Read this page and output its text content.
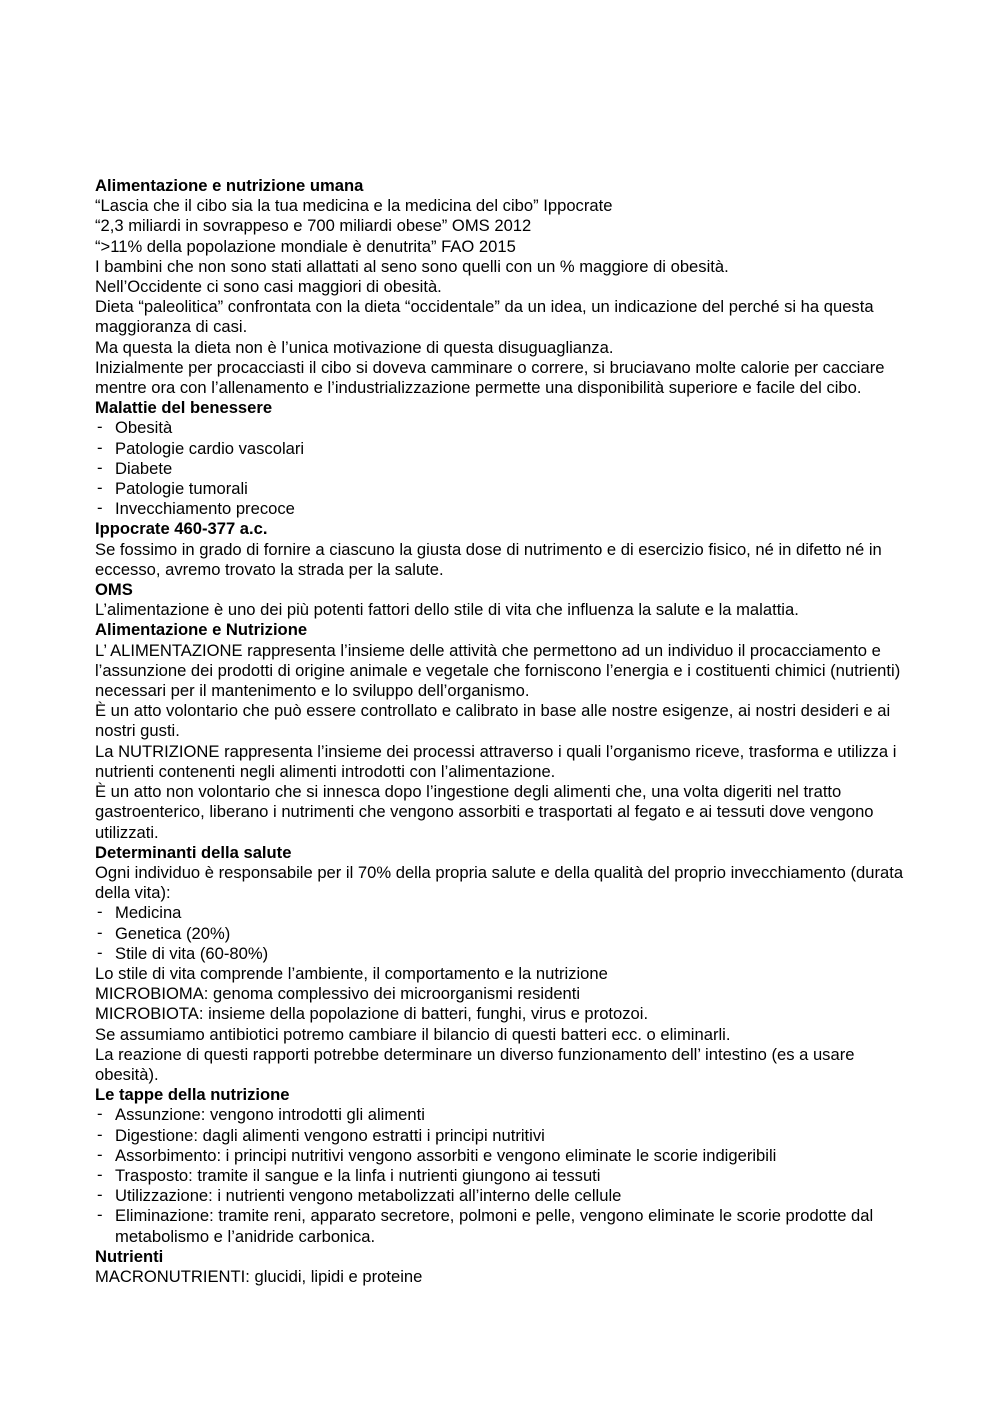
Alimentazione e nutrizione umana

“Lascia che il cibo sia la tua medicina e la medicina del cibo” Ippocrate

“2,3 miliardi in sovrappeso e 700 miliardi obese” OMS 2012

“>11% della popolazione mondiale è denutrita” FAO 2015

I bambini che non sono stati allattati al seno sono quelli con un % maggiore di obesità.

Nell’Occidente ci sono casi maggiori di obesità.

Dieta “paleolitica” confrontata con la dieta “occidentale” da un idea, un indicazione del perché si ha questa maggioranza di casi.

Ma questa la dieta non è l’unica motivazione di questa disuguaglianza.

Inizialmente per procacciasti il cibo si doveva camminare o correre, si bruciavano molte calorie per cacciare mentre ora con l’allenamento e l’industrializzazione permette una disponibilità superiore e facile del cibo.

Malattie del benessere

- Obesità
- Patologie cardio vascolari
- Diabete
- Patologie tumorali
- Invecchiamento precoce

Ippocrate 460-377 a.c.

Se fossimo in grado di fornire a ciascuno la giusta dose di nutrimento e di esercizio fisico, né in difetto né in eccesso, avremo trovato la strada per la salute.

OMS

L’alimentazione è uno dei più potenti fattori dello stile di vita che influenza la salute e la malattia.

Alimentazione e Nutrizione

L’ ALIMENTAZIONE rappresenta l’insieme delle attività che permettono ad un individuo il procacciamento e l’assunzione dei prodotti di origine animale e vegetale che forniscono l’energia e i costituenti chimici (nutrienti) necessari per il mantenimento e lo sviluppo dell’organismo.

È un atto volontario che può essere controllato e calibrato in base alle nostre esigenze, ai nostri desideri e ai nostri gusti.

La NUTRIZIONE rappresenta l’insieme dei processi attraverso i quali l’organismo riceve, trasforma e utilizza i nutrienti contenenti negli alimenti introdotti con l’alimentazione.

È un atto non volontario che si innesca dopo l’ingestione degli alimenti che, una volta digeriti nel tratto gastroenterico, liberano i nutrimenti che vengono assorbiti e trasportati al fegato e ai tessuti dove vengono utilizzati.

Determinanti della salute

Ogni individuo è responsabile per il 70% della propria salute e della qualità del proprio invecchiamento (durata della vita):

- Medicina
- Genetica (20%)
- Stile di vita (60-80%)

Lo stile di vita comprende l’ambiente, il comportamento e la nutrizione

MICROBIOMA: genoma complessivo dei microorganismi residenti

MICROBIOTA: insieme della popolazione di batteri, funghi, virus e protozoi.

Se assumiamo antibiotici potremo cambiare il bilancio di questi batteri ecc. o eliminarli.

La reazione di questi rapporti potrebbe determinare un diverso funzionamento dell’ intestino (es a usare obesità).

Le tappe della nutrizione

- Assunzione: vengono introdotti gli alimenti
- Digestione: dagli alimenti vengono estratti i principi nutritivi
- Assorbimento: i principi nutritivi vengono assorbiti e vengono eliminate le scorie indigeribili
- Trasposto: tramite il sangue e la linfa i nutrienti giungono ai tessuti
- Utilizzazione: i nutrienti vengono metabolizzati all’interno delle cellule
- Eliminazione: tramite reni, apparato secretore, polmoni e pelle, vengono eliminate le scorie prodotte dal metabolismo e l’anidride carbonica.

Nutrienti

MACRONUTRIENTI: glucidi, lipidi e proteine
